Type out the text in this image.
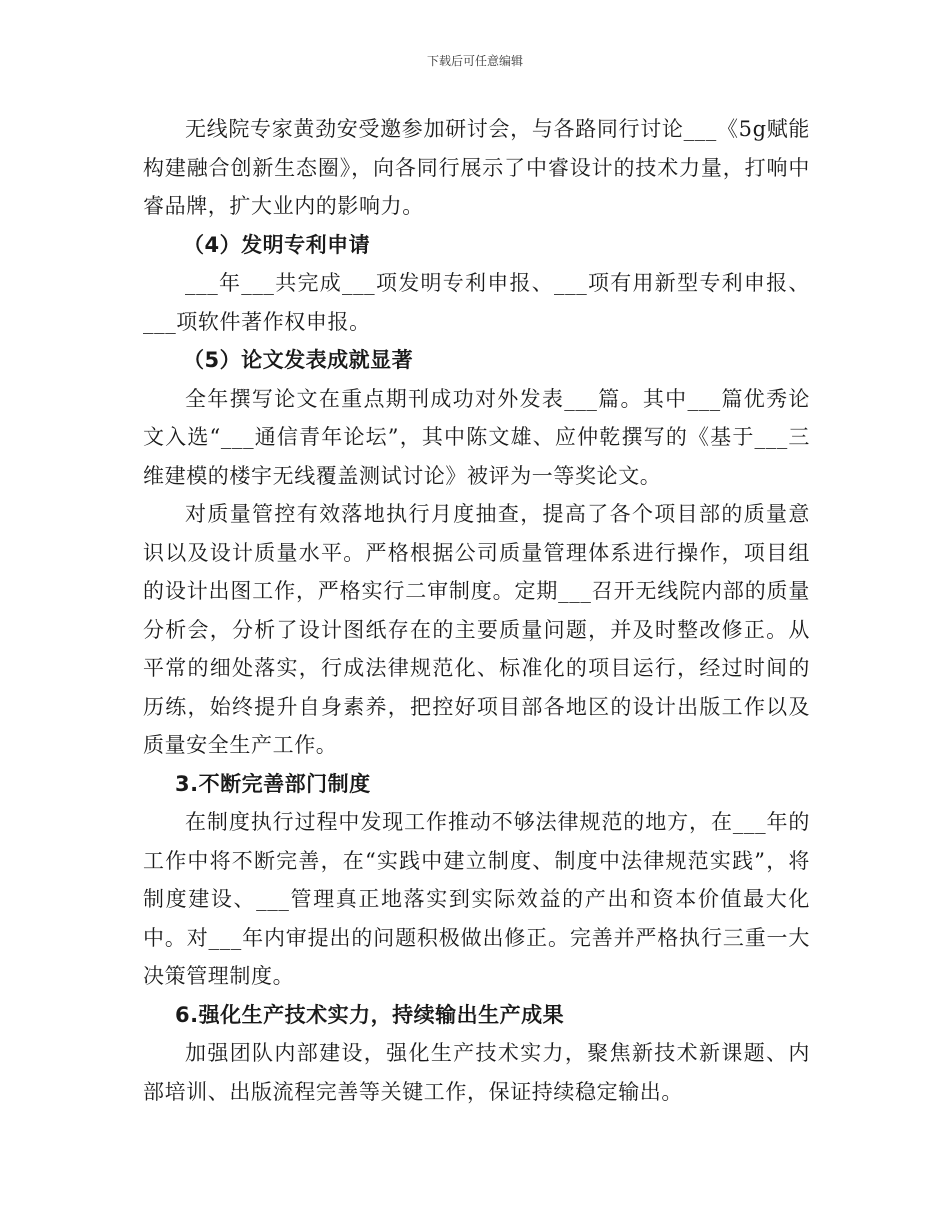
下载后可任意编辑

无线院专家黄劲安受邀参加研讨会，与各路同行讨论___《5g赋能构建融合创新生态圈》，向各同行展示了中睿设计的技术力量，打响中睿品牌，扩大业内的影响力。

（4）发明专利申请

___年___共完成___项发明专利申报、___项有用新型专利申报、___项软件著作权申报。

（5）论文发表成就显著

全年撰写论文在重点期刊成功对外发表___篇。其中___篇优秀论文入选“___通信青年论坛”，其中陈文雄、应仲乾撰写的《基于___三维建模的楼宇无线覆盖测试讨论》被评为一等奖论文。

对质量管控有效落地执行月度抽查，提高了各个项目部的质量意识以及设计质量水平。严格根据公司质量管理体系进行操作，项目组的设计出图工作，严格实行二审制度。定期___召开无线院内部的质量分析会，分析了设计图纸存在的主要质量问题，并及时整改修正。从平常的细处落实，行成法律规范化、标准化的项目运行，经过时间的历练，始终提升自身素养，把控好项目部各地区的设计出版工作以及质量安全生产工作。

3.不断完善部门制度

在制度执行过程中发现工作推动不够法律规范的地方，在___年的工作中将不断完善，在“实践中建立制度、制度中法律规范实践”，将制度建设、___管理真正地落实到实际效益的产出和资本价值最大化中。对___年内审提出的问题积极做出修正。完善并严格执行三重一大决策管理制度。

6.强化生产技术实力，持续输出生产成果

加强团队内部建设，强化生产技术实力，聚焦新技术新课题、内部培训、出版流程完善等关键工作，保证持续稳定输出。
